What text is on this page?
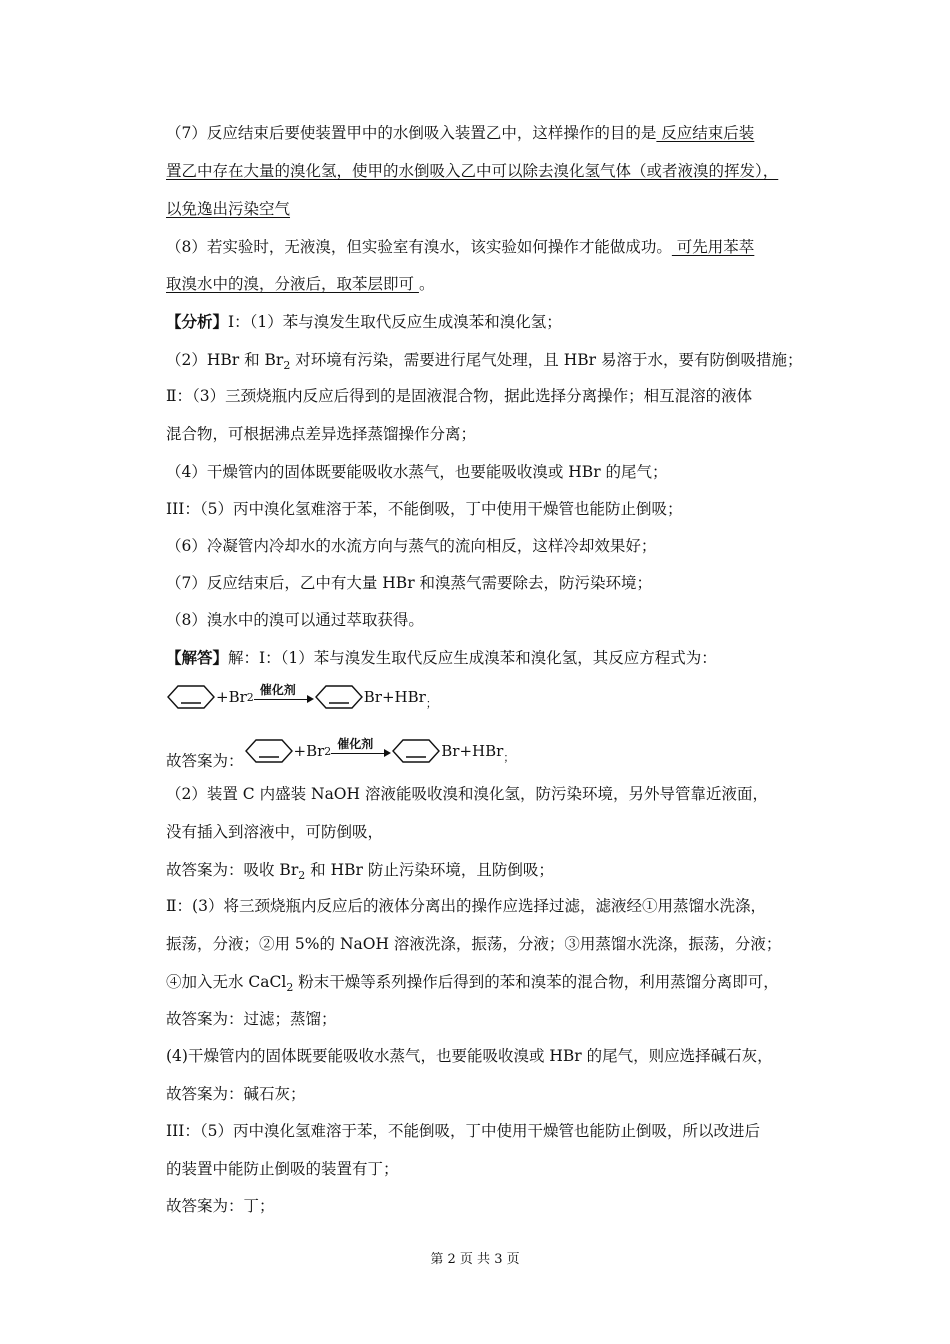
（7）反应结束后要使装置甲中的水倒吸入装置乙中，这样操作的目的是 反应结束后装
置乙中存在大量的溴化氢，使甲的水倒吸入乙中可以除去溴化氢气体（或者液溴的挥发），
以免逸出污染空气
（8）若实验时，无液溴，但实验室有溴水，该实验如何操作才能做成功。 可先用苯萃
取溴水中的溴，分液后，取苯层即可 。
【分析】I：（1）苯与溴发生取代反应生成溴苯和溴化氢；
（2）HBr 和 $Br_2$ 对环境有污染，需要进行尾气处理，且 HBr 易溶于水，要有防倒吸措施；
Ⅱ：（3）三颈烧瓶内反应后得到的是固液混合物，据此选择分离操作；相互混溶的液体
混合物，可根据沸点差异选择蒸馏操作分离；
（4）干燥管内的固体既要能吸收水蒸气，也要能吸收溴或 HBr 的尾气；
III：（5）丙中溴化氢难溶于苯，不能倒吸，丁中使用干燥管也能防止倒吸；
（6）冷凝管内冷却水的水流方向与蒸气的流向相反，这样冷却效果好；
（7）反应结束后，乙中有大量 HBr 和溴蒸气需要除去，防污染环境；
（8）溴水中的溴可以通过萃取获得。
【解答】解：I：（1）苯与溴发生取代反应生成溴苯和溴化氢，其反应方程式为：
+Br 2 催化剂	Br+HBr ；
故答案为：
+Br 2 催化剂	Br+HBr ；
（2）装置 C 内盛装 NaOH 溶液能吸收溴和溴化氢，防污染环境，另外导管靠近液面，
没有插入到溶液中，可防倒吸，
故答案为：吸收 $Br_2$ 和 HBr 防止污染环境，且防倒吸；
Ⅱ：(3）将三颈烧瓶内反应后的液体分离出的操作应选择过滤，滤液经①用蒸馏水洗涤，
振荡，分液；②用 5%的 NaOH 溶液洗涤，振荡，分液；③用蒸馏水洗涤，振荡，分液；
④加入无水 CaCl$_2$ 粉末干燥等系列操作后得到的苯和溴苯的混合物，利用蒸馏分离即可，
故答案为：过滤；蒸馏；
(4)干燥管内的固体既要能吸收水蒸气，也要能吸收溴或 HBr 的尾气，则应选择碱石灰，
故答案为：碱石灰；
III：（5）丙中溴化氢难溶于苯，不能倒吸，丁中使用干燥管也能防止倒吸，所以改进后
的装置中能防止倒吸的装置有丁；
故答案为：丁；
第 2 页 共 3 页
